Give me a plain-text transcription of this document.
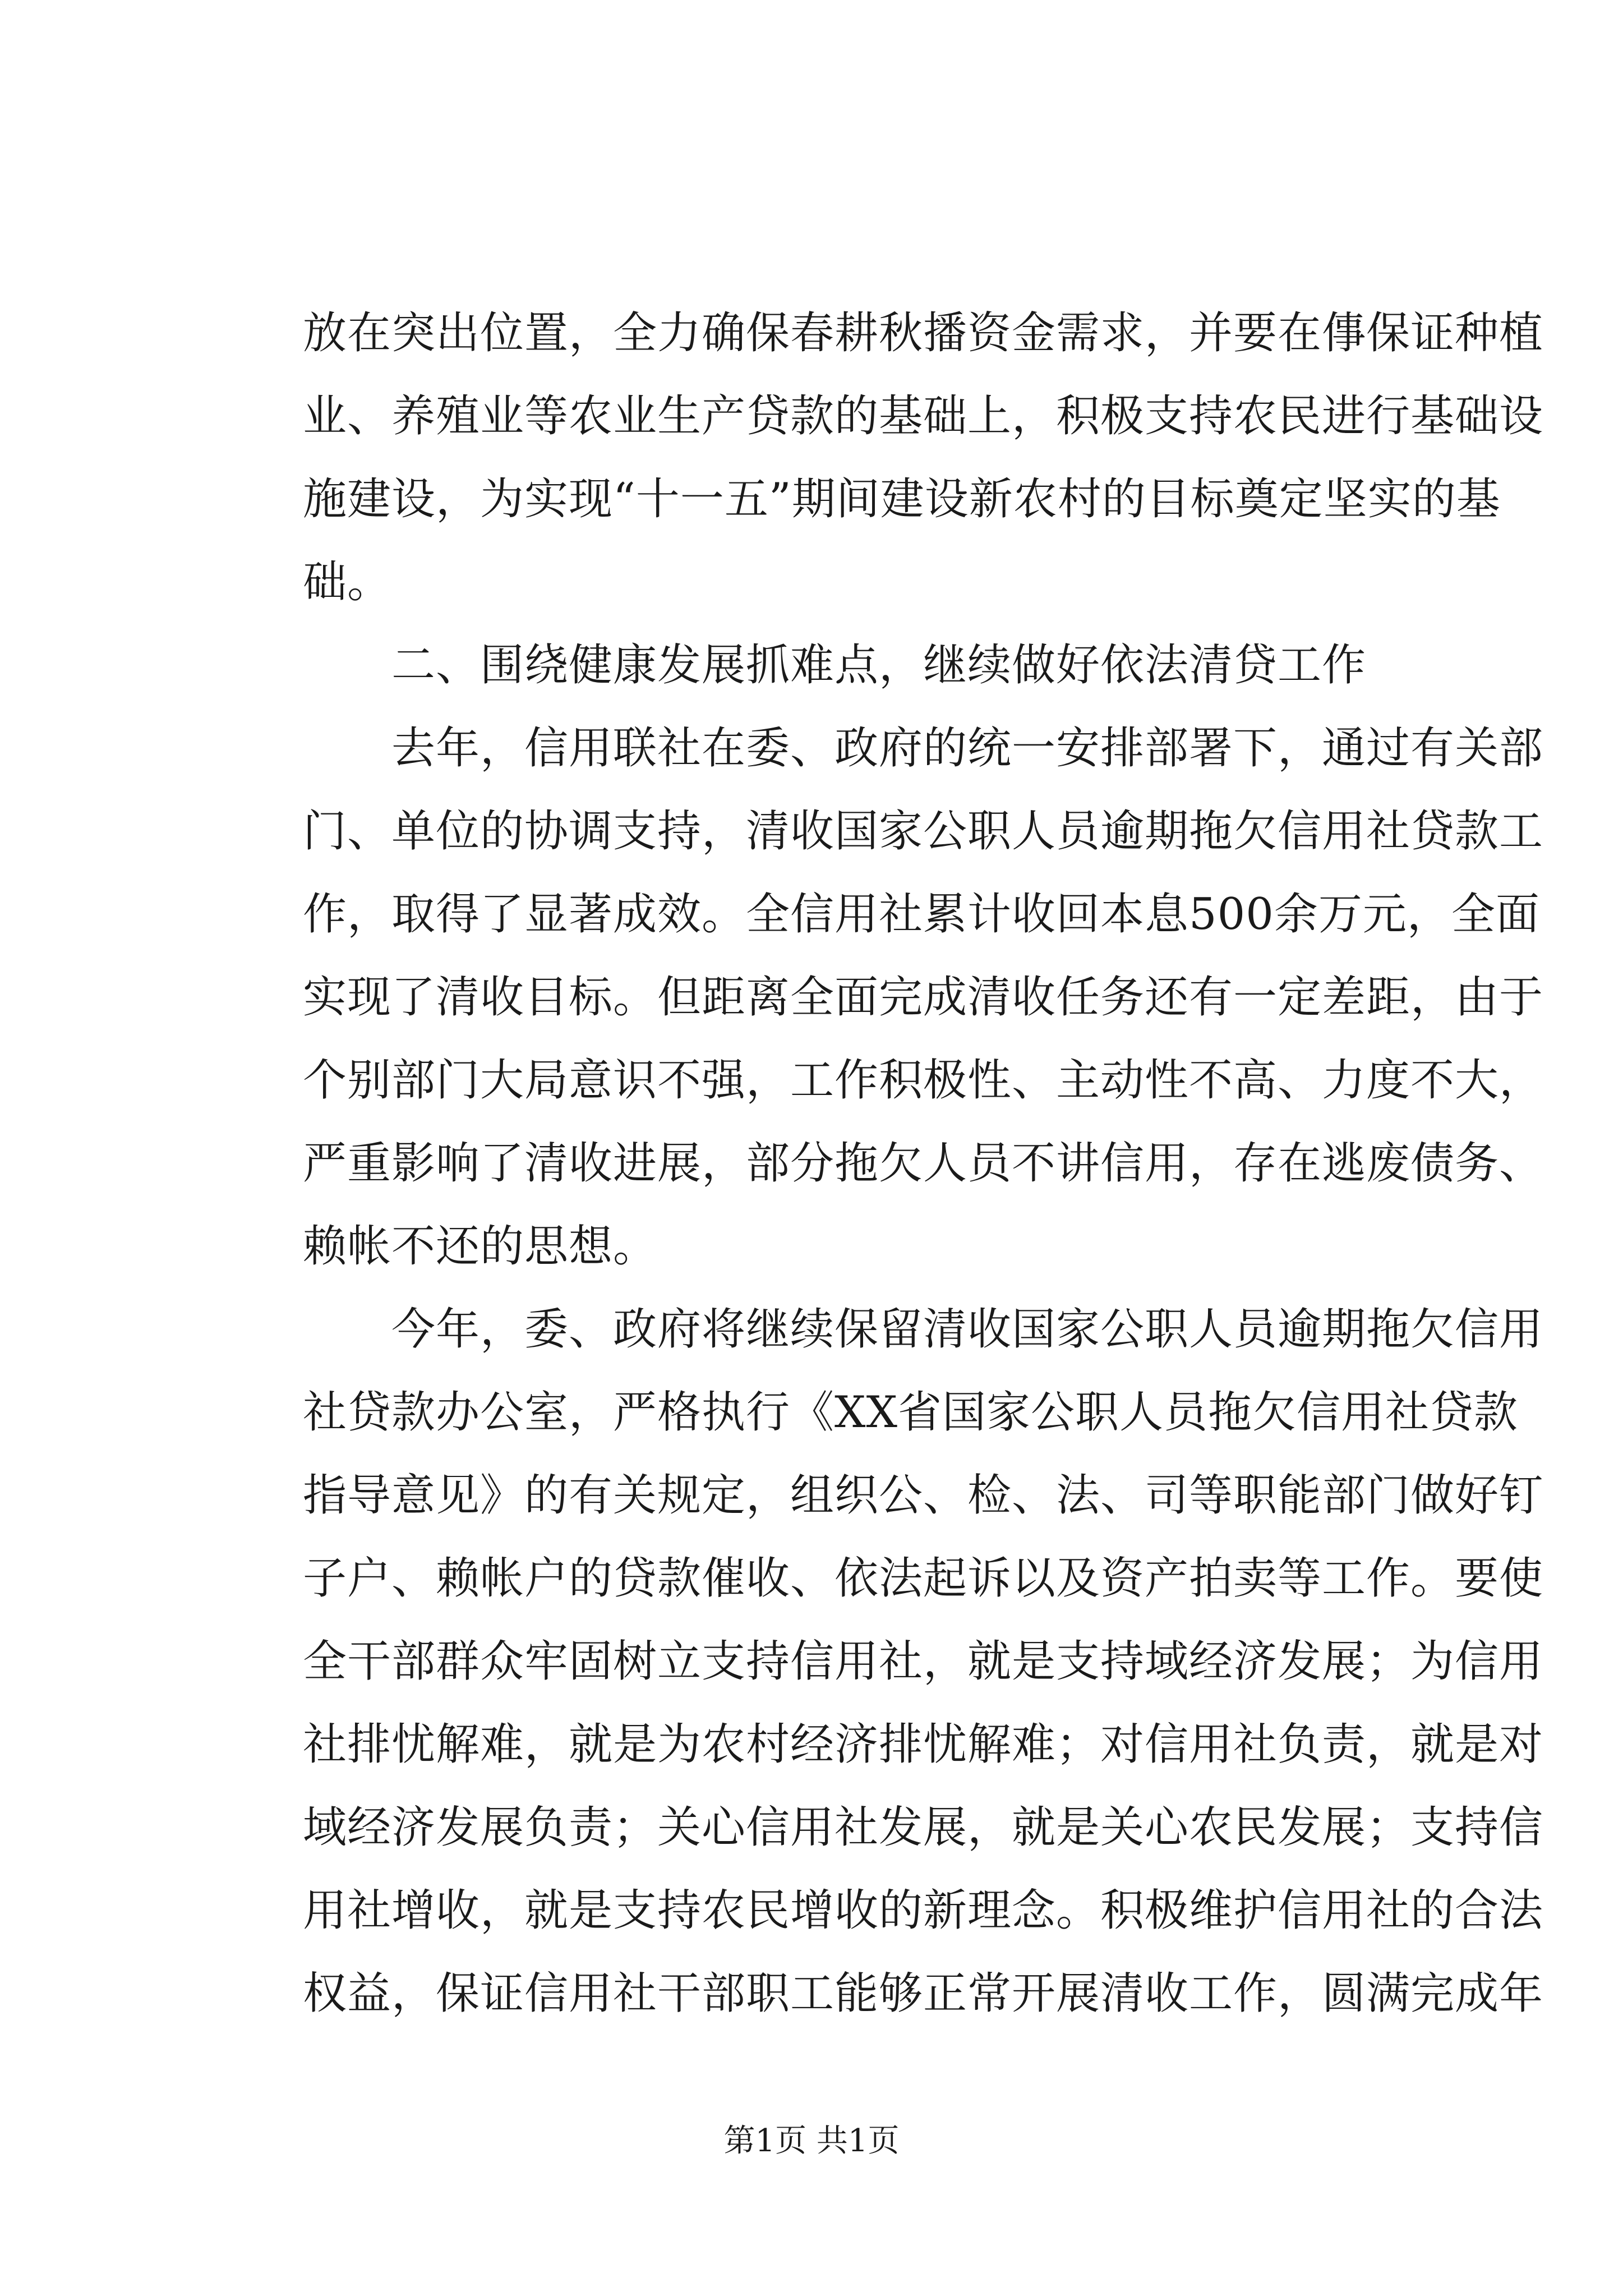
放在突出位置，全力确保春耕秋播资金需求，并要在倳保证种植
业、养殖业等农业生产贷款的基础上，积极支持农民进行基础设
施建设，为实现“十一五”期间建设新农村的目标奠定坚实的基
础。
二、围绕健康发展抓难点，继续做好依法清贷工作
去年，信用联社在委、政府的统一安排部署下，通过有关部
门、单位的协调支持，清收国家公职人员逾期拖欠信用社贷款工
作，取得了显著成效。全信用社累计收回本息500余万元，全面
实现了清收目标。但距离全面完成清收任务还有一定差距，由于
个别部门大局意识不强，工作积极性、主动性不高、力度不大，
严重影响了清收进展，部分拖欠人员不讲信用，存在逃废债务、
赖帐不还的思想。
今年，委、政府将继续保留清收国家公职人员逾期拖欠信用
社贷款办公室，严格执行《XX省国家公职人员拖欠信用社贷款
指导意见》的有关规定，组织公、检、法、司等职能部门做好钉
子户、赖帐户的贷款催收、依法起诉以及资产拍卖等工作。要使
全干部群众牢固树立支持信用社，就是支持域经济发展；为信用
社排忧解难，就是为农村经济排忧解难；对信用社负责，就是对
域经济发展负责；关心信用社发展，就是关心农民发展；支持信
用社增收，就是支持农民增收的新理念。积极维护信用社的合法
权益，保证信用社干部职工能够正常开展清收工作，圆满完成年
第1页 共1页
